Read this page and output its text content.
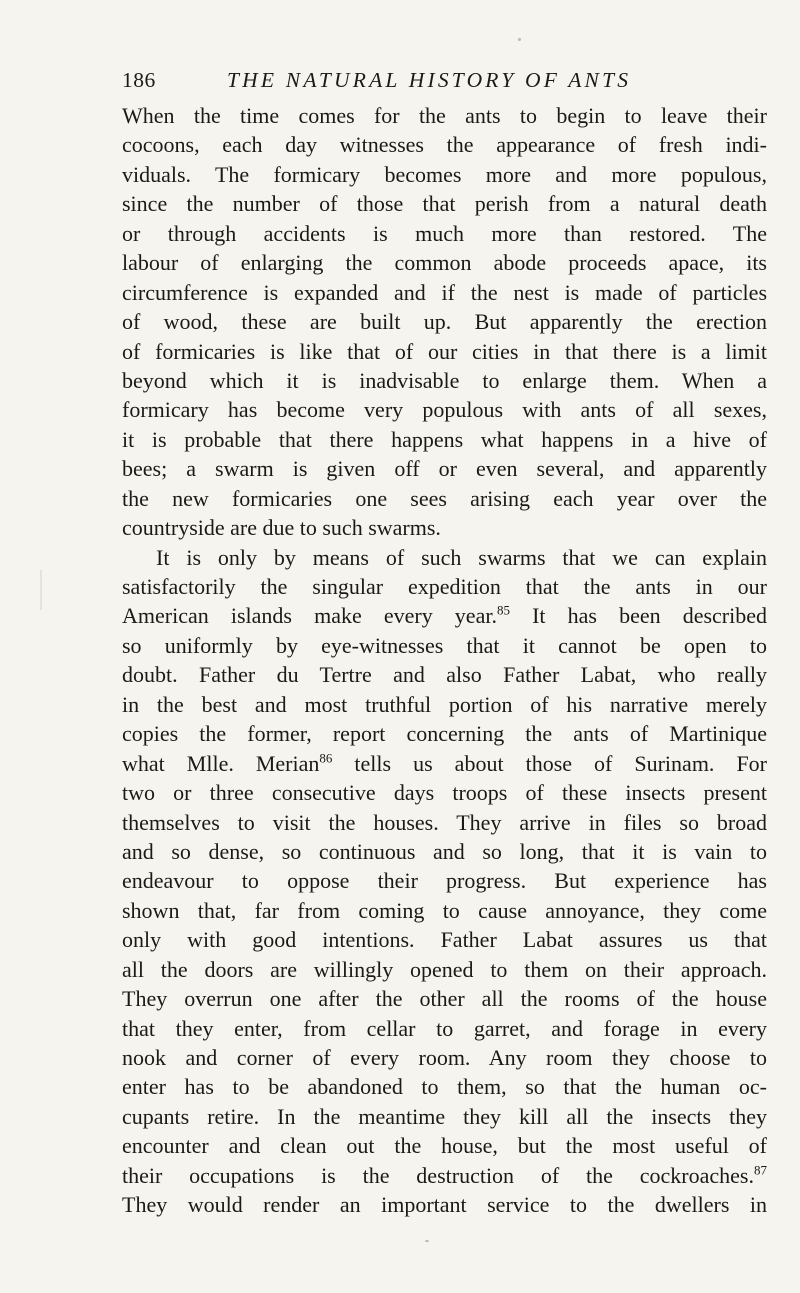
186	THE NATURAL HISTORY OF ANTS
When the time comes for the ants to begin to leave their
cocoons, each day witnesses the appearance of fresh indi-
viduals. The formicary becomes more and more populous,
since the number of those that perish from a natural death
or through accidents is much more than restored. The
labour of enlarging the common abode proceeds apace, its
circumference is expanded and if the nest is made of particles
of wood, these are built up. But apparently the erection
of formicaries is like that of our cities in that there is a limit
beyond which it is inadvisable to enlarge them. When a
formicary has become very populous with ants of all sexes,
it is probable that there happens what happens in a hive of
bees; a swarm is given off or even several, and apparently
the new formicaries one sees arising each year over the
countryside are due to such swarms.
It is only by means of such swarms that we can explain
satisfactorily the singular expedition that the ants in our
American islands make every year.$^{85}$ It has been described
so uniformly by eye-witnesses that it cannot be open to
doubt. Father du Tertre and also Father Labat, who really
in the best and most truthful portion of his narrative merely
copies the former, report concerning the ants of Martinique
what Mlle. Merian$^{86}$ tells us about those of Surinam. For
two or three consecutive days troops of these insects present
themselves to visit the houses. They arrive in files so broad
and so dense, so continuous and so long, that it is vain to
endeavour to oppose their progress. But experience has
shown that, far from coming to cause annoyance, they come
only with good intentions. Father Labat assures us that
all the doors are willingly opened to them on their approach.
They overrun one after the other all the rooms of the house
that they enter, from cellar to garret, and forage in every
nook and corner of every room. Any room they choose to
enter has to be abandoned to them, so that the human oc-
cupants retire. In the meantime they kill all the insects they
encounter and clean out the house, but the most useful of
their occupations is the destruction of the cockroaches.$^{87}$
They would render an important service to the dwellers in
